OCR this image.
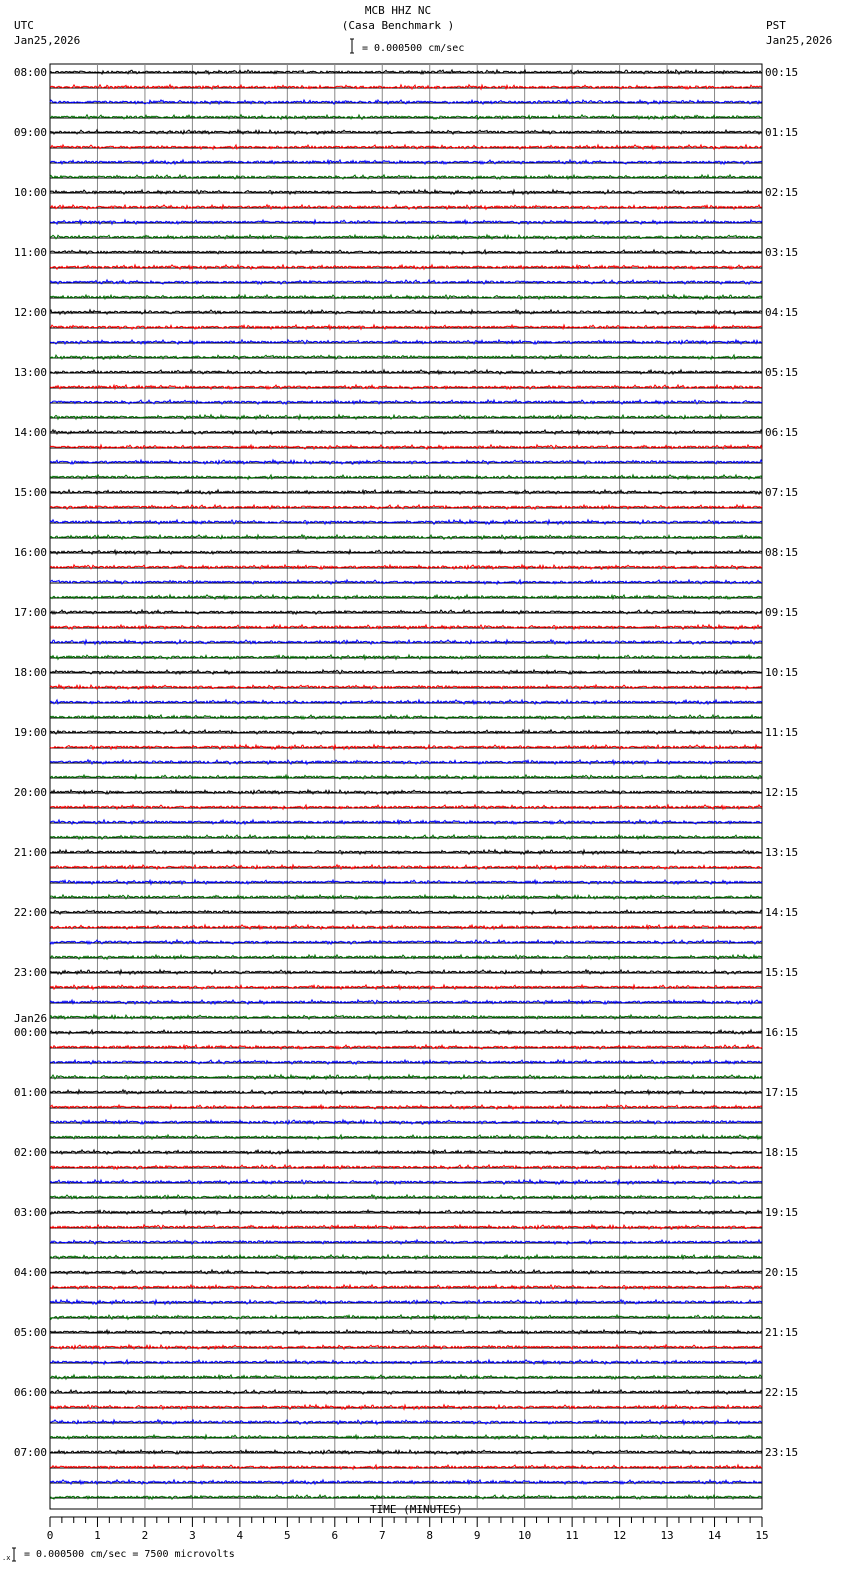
MCB HHZ NC
(Casa Benchmark )
UTC
Jan25,2026
PST
Jan25,2026
= 0.000500 cm/sec
TIME (MINUTES)
= 0.000500 cm/sec = 7500 microvolts
.x
08:00	00:15
09:00	01:15
10:00	02:15
11:00	03:15
12:00	04:15
13:00	05:15
14:00	06:15
15:00	07:15
16:00	08:15
17:00	09:15
18:00	10:15
19:00	11:15
20:00	12:15
21:00	13:15
22:00	14:15
23:00	15:15
00:00	16:15
Jan26
01:00	17:15
02:00	18:15
03:00	19:15
04:00	20:15
05:00	21:15
06:00	22:15
07:00	23:15
0	1	2	3	4	5	6	7	8	9	10	11	12	13	14	15
